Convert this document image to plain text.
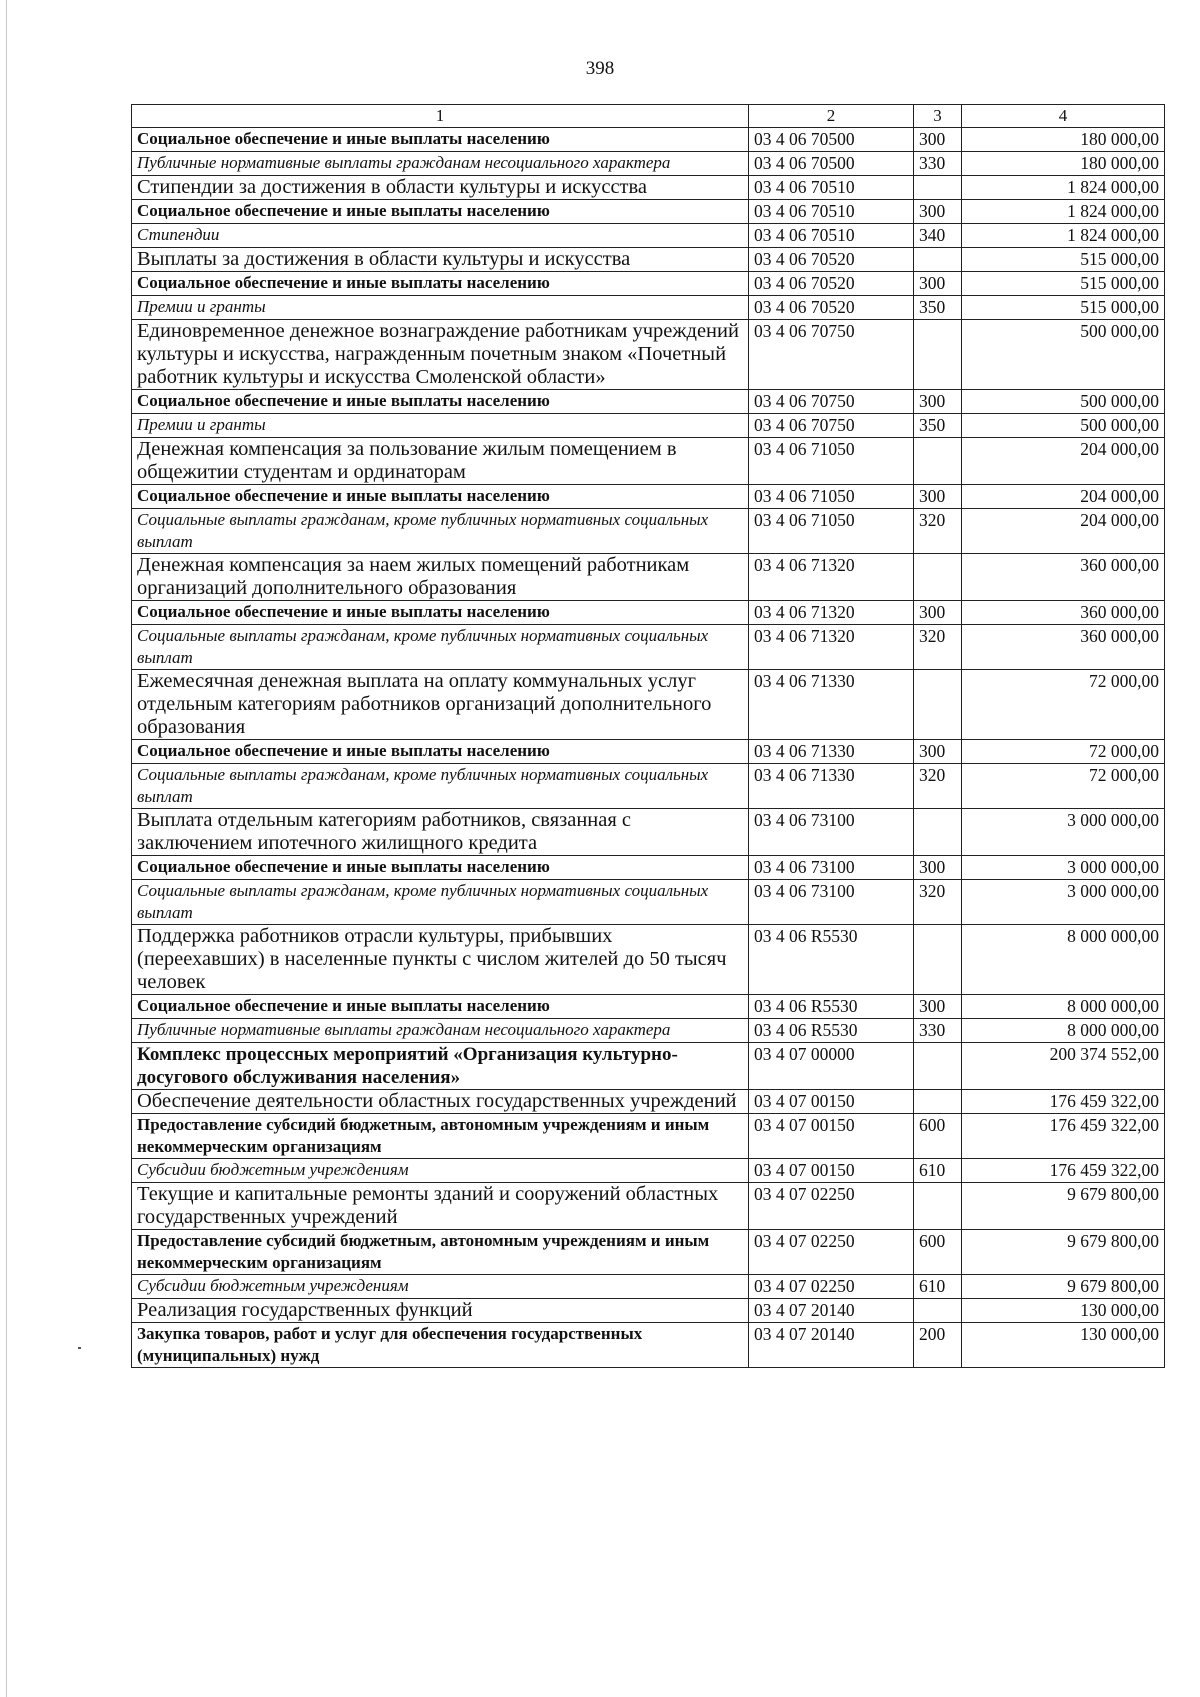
398
1	2	3	4
Социальное обеспечение и иные выплаты населению	03 4 06 70500	300	180 000,00
Публичные нормативные выплаты гражданам несоциального характера	03 4 06 70500	330	180 000,00
Стипендии за достижения в области культуры и искусства	03 4 06 70510		1 824 000,00
Социальное обеспечение и иные выплаты населению	03 4 06 70510	300	1 824 000,00
Стипендии	03 4 06 70510	340	1 824 000,00
Выплаты за достижения в области культуры и искусства	03 4 06 70520		515 000,00
Социальное обеспечение и иные выплаты населению	03 4 06 70520	300	515 000,00
Премии и гранты	03 4 06 70520	350	515 000,00
Единовременное денежное вознаграждение работникам учреждений культуры и искусства, награжденным почетным знаком «Почетный работник культуры и искусства Смоленской области»	03 4 06 70750		500 000,00
Социальное обеспечение и иные выплаты населению	03 4 06 70750	300	500 000,00
Премии и гранты	03 4 06 70750	350	500 000,00
Денежная компенсация за пользование жилым помещением в общежитии студентам и ординаторам	03 4 06 71050		204 000,00
Социальное обеспечение и иные выплаты населению	03 4 06 71050	300	204 000,00
Социальные выплаты гражданам, кроме публичных нормативных социальных выплат	03 4 06 71050	320	204 000,00
Денежная компенсация за наем жилых помещений работникам организаций дополнительного образования	03 4 06 71320		360 000,00
Социальное обеспечение и иные выплаты населению	03 4 06 71320	300	360 000,00
Социальные выплаты гражданам, кроме публичных нормативных социальных выплат	03 4 06 71320	320	360 000,00
Ежемесячная денежная выплата на оплату коммунальных услуг отдельным категориям работников организаций дополнительного образования	03 4 06 71330		72 000,00
Социальное обеспечение и иные выплаты населению	03 4 06 71330	300	72 000,00
Социальные выплаты гражданам, кроме публичных нормативных социальных выплат	03 4 06 71330	320	72 000,00
Выплата отдельным категориям работников, связанная с заключением ипотечного жилищного кредита	03 4 06 73100		3 000 000,00
Социальное обеспечение и иные выплаты населению	03 4 06 73100	300	3 000 000,00
Социальные выплаты гражданам, кроме публичных нормативных социальных выплат	03 4 06 73100	320	3 000 000,00
Поддержка работников отрасли культуры, прибывших (переехавших) в населенные пункты с числом жителей до 50 тысяч человек	03 4 06 R5530		8 000 000,00
Социальное обеспечение и иные выплаты населению	03 4 06 R5530	300	8 000 000,00
Публичные нормативные выплаты гражданам несоциального характера	03 4 06 R5530	330	8 000 000,00
Комплекс процессных мероприятий «Организация культурно-досугового обслуживания населения»	03 4 07 00000		200 374 552,00
Обеспечение деятельности областных государственных учреждений	03 4 07 00150		176 459 322,00
Предоставление субсидий бюджетным, автономным учреждениям и иным некоммерческим организациям	03 4 07 00150	600	176 459 322,00
Субсидии бюджетным учреждениям	03 4 07 00150	610	176 459 322,00
Текущие и капитальные ремонты зданий и сооружений областных государственных учреждений	03 4 07 02250		9 679 800,00
Предоставление субсидий бюджетным, автономным учреждениям и иным некоммерческим организациям	03 4 07 02250	600	9 679 800,00
Субсидии бюджетным учреждениям	03 4 07 02250	610	9 679 800,00
Реализация государственных функций	03 4 07 20140		130 000,00
Закупка товаров, работ и услуг для обеспечения государственных (муниципальных) нужд	03 4 07 20140	200	130 000,00
